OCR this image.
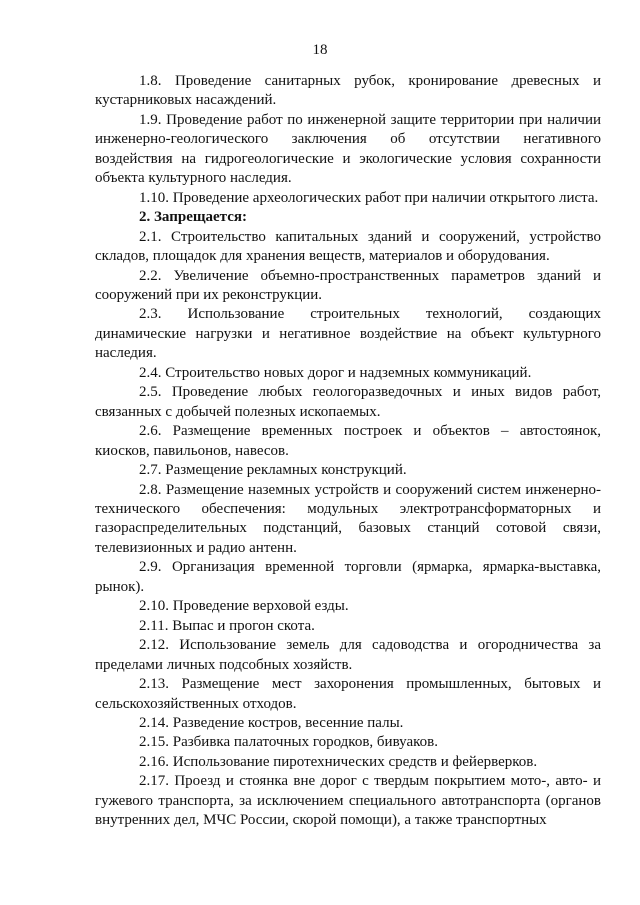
18

1.8. Проведение санитарных рубок, кронирование древесных и кустарниковых насаждений.

1.9. Проведение работ по инженерной защите территории при наличии инженерно-геологического заключения об отсутствии негативного воздействия на гидрогеологические и экологические условия сохранности объекта культурного наследия.

1.10. Проведение археологических работ при наличии открытого листа.

2. Запрещается:

2.1. Строительство капитальных зданий и сооружений, устройство складов, площадок для хранения веществ, материалов и оборудования.

2.2. Увеличение объемно-пространственных параметров зданий и сооружений при их реконструкции.

2.3. Использование строительных технологий, создающих динамические нагрузки и негативное воздействие на объект культурного наследия.

2.4. Строительство новых дорог и надземных коммуникаций.

2.5. Проведение любых геологоразведочных и иных видов работ, связанных с добычей полезных ископаемых.

2.6. Размещение временных построек и объектов – автостоянок, киосков, павильонов, навесов.

2.7. Размещение рекламных конструкций.

2.8. Размещение наземных устройств и сооружений систем инженерно-технического обеспечения: модульных электротрансформаторных и газораспределительных подстанций, базовых станций сотовой связи, телевизионных и радио антенн.

2.9. Организация временной торговли (ярмарка, ярмарка-выставка, рынок).

2.10. Проведение верховой езды.

2.11. Выпас и прогон скота.

2.12. Использование земель для садоводства и огородничества за пределами личных подсобных хозяйств.

2.13. Размещение мест захоронения промышленных, бытовых и сельскохозяйственных отходов.

2.14. Разведение костров, весенние палы.

2.15. Разбивка палаточных городков, бивуаков.

2.16. Использование пиротехнических средств и фейерверков.

2.17. Проезд и стоянка вне дорог с твердым покрытием мото-, авто- и гужевого транспорта, за исключением специального автотранспорта (органов внутренних дел, МЧС России, скорой помощи), а также транспортных
